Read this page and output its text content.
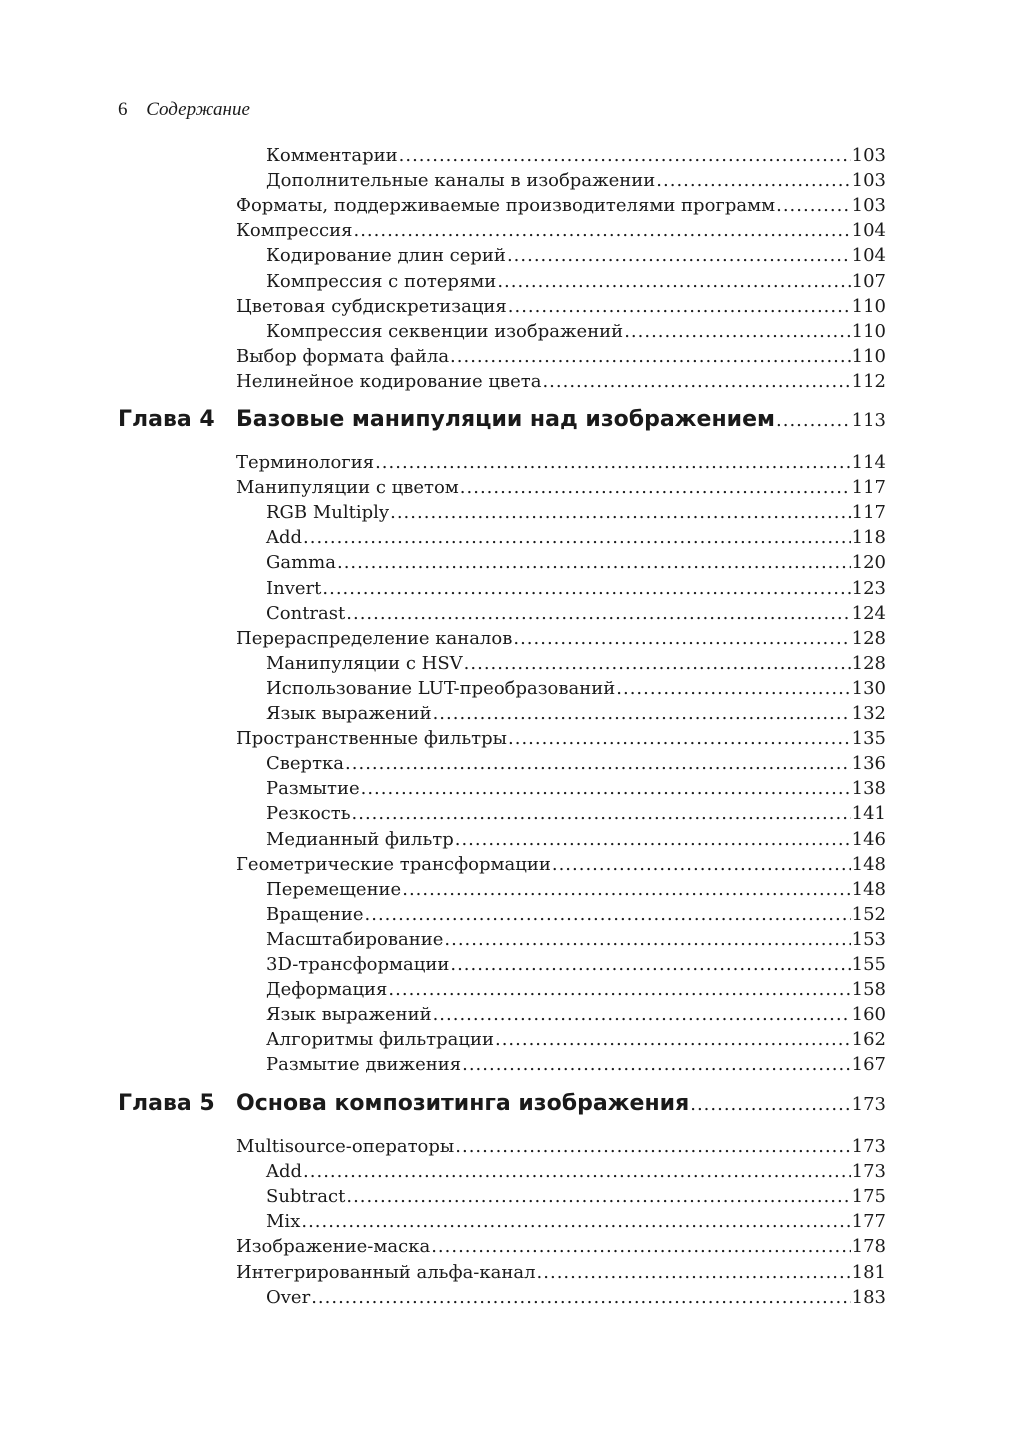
6 Содержание
Комментарии .....	103
Дополнительные каналы в изображении .....	103
Форматы, поддерживаемые производителями программ .....	103
Компрессия .....	104
Кодирование длин серий .....	104
Компрессия с потерями .....	107
Цветовая субдискретизация .....	110
Компрессия секвенции изображений .....	110
Выбор формата файла .....	110
Нелинейное кодирование цвета .....	112
Глава 4 Базовые манипуляции над изображением .....	113
Терминология .....	114
Манипуляции с цветом .....	117
RGB Multiply .....	117
Add .....	118
Gamma .....	120
Invert .....	123
Contrast .....	124
Перераспределение каналов .....	128
Манипуляции с HSV .....	128
Использование LUT-преобразований .....	130
Язык выражений .....	132
Пространственные фильтры .....	135
Свертка .....	136
Размытие .....	138
Резкость .....	141
Медианный фильтр .....	146
Геометрические трансформации .....	148
Перемещение .....	148
Вращение .....	152
Масштабирование .....	153
3D-трансформации .....	155
Деформация .....	158
Язык выражений .....	160
Алгоритмы фильтрации .....	162
Размытие движения .....	167
Глава 5 Основа композитинга изображения .....	173
Multisource-операторы .....	173
Add .....	173
Subtract .....	175
Mix .....	177
Изображение-маска .....	178
Интегрированный альфа-канал .....	181
Over .....	183
